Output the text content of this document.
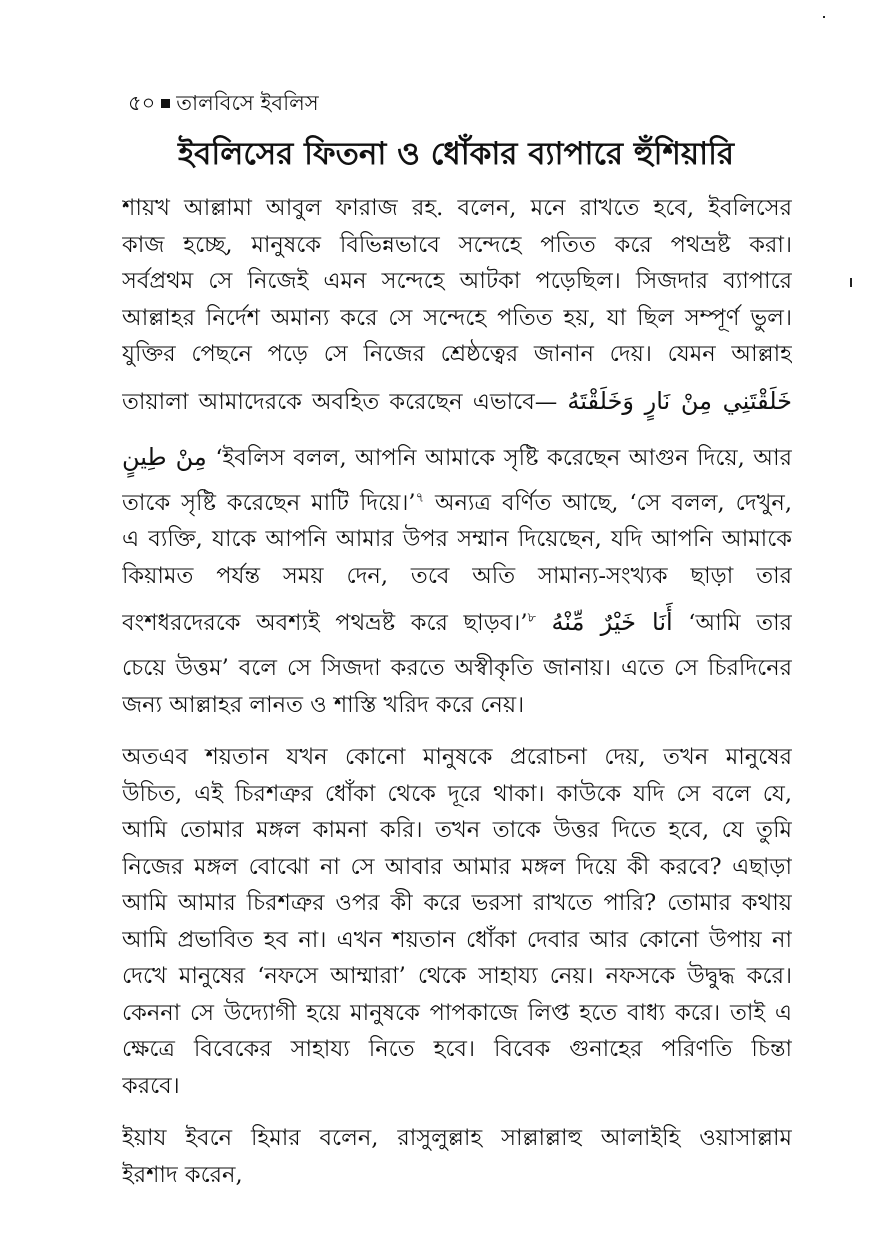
৫০ তালবিসে ইবলিস
ইবলিসের ফিতনা ও ধোঁকার ব্যাপারে হুঁশিয়ারি
শায়খ আল্লামা আবুল ফারাজ রহ. বলেন, মনে রাখতে হবে, ইবলিসের
কাজ হচ্ছে, মানুষকে বিভিন্নভাবে সন্দেহে পতিত করে পথভ্রষ্ট করা।
সর্বপ্রথম সে নিজেই এমন সন্দেহে আটকা পড়েছিল। সিজদার ব্যাপারে
আল্লাহর নির্দেশ অমান্য করে সে সন্দেহে পতিত হয়, যা ছিল সম্পূর্ণ ভুল।
যুক্তির পেছনে পড়ে সে নিজের শ্রেষ্ঠত্বের জানান দেয়। যেমন আল্লাহ
তায়ালা আমাদেরকে অবহিত করেছেন এভাবে— خَلَقْتَنِي مِنْ نَارٍ وَخَلَقْتَهُ
مِنْ طِينٍ ‘ইবলিস বলল, আপনি আমাকে সৃষ্টি করেছেন আগুন দিয়ে, আর
তাকে সৃষ্টি করেছেন মাটি দিয়ে।’$^৭$ অন্যত্র বর্ণিত আছে, ‘সে বলল, দেখুন,
এ ব্যক্তি, যাকে আপনি আমার উপর সম্মান দিয়েছেন, যদি আপনি আমাকে
কিয়ামত পর্যন্ত সময় দেন, তবে অতি সামান্য-সংখ্যক ছাড়া তার
বংশধরদেরকে অবশ্যই পথভ্রষ্ট করে ছাড়ব।’$^৮$ أَنَا خَيْرٌ مِّنْهُ ‘আমি তার
চেয়ে উত্তম’ বলে সে সিজদা করতে অস্বীকৃতি জানায়। এতে সে চিরদিনের
জন্য আল্লাহর লানত ও শাস্তি খরিদ করে নেয়।
অতএব শয়তান যখন কোনো মানুষকে প্ররোচনা দেয়, তখন মানুষের
উচিত, এই চিরশত্রুর ধোঁকা থেকে দূরে থাকা। কাউকে যদি সে বলে যে,
আমি তোমার মঙ্গল কামনা করি। তখন তাকে উত্তর দিতে হবে, যে তুমি
নিজের মঙ্গল বোঝো না সে আবার আমার মঙ্গল দিয়ে কী করবে? এছাড়া
আমি আমার চিরশত্রুর ওপর কী করে ভরসা রাখতে পারি? তোমার কথায়
আমি প্রভাবিত হব না। এখন শয়তান ধোঁকা দেবার আর কোনো উপায় না
দেখে মানুষের ‘নফসে আম্মারা’ থেকে সাহায্য নেয়। নফসকে উদ্বুদ্ধ করে।
কেননা সে উদ্যোগী হয়ে মানুষকে পাপকাজে লিপ্ত হতে বাধ্য করে। তাই এ
ক্ষেত্রে বিবেকের সাহায্য নিতে হবে। বিবেক গুনাহের পরিণতি চিন্তা
করবে।
ইয়ায ইবনে হিমার বলেন, রাসুলুল্লাহ সাল্লাল্লাহু আলাইহি ওয়াসাল্লাম
ইরশাদ করেন,
